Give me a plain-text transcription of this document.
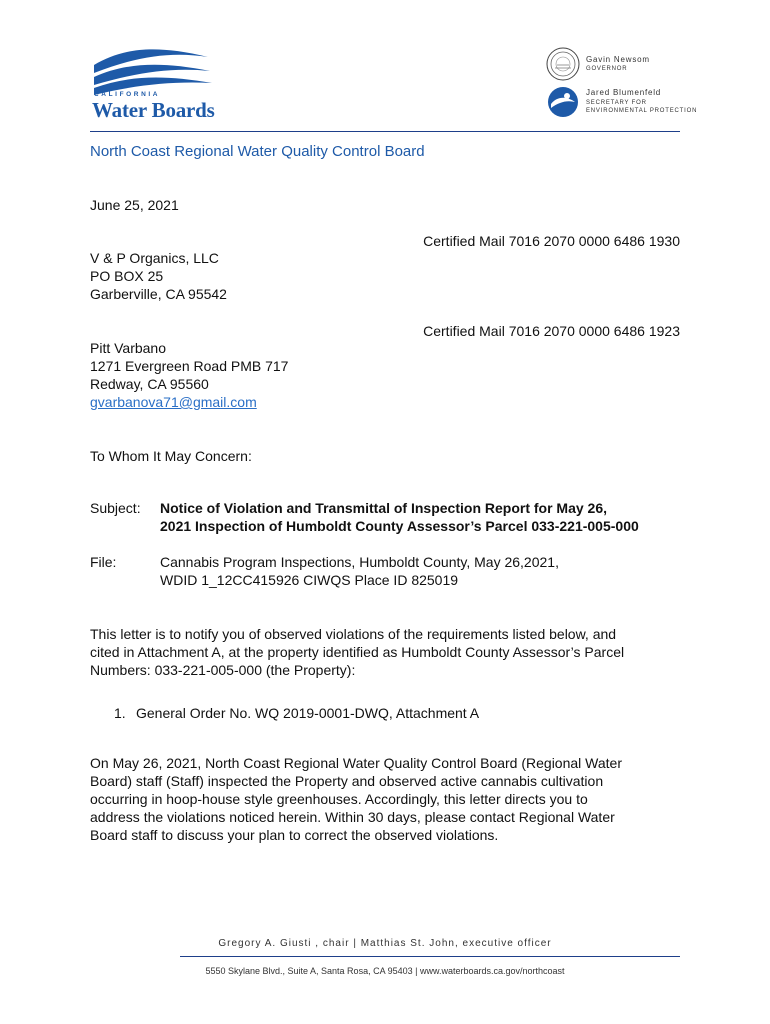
CALIFORNIA
Water Boards
Gavin Newsom
GOVERNOR
Jared Blumenfeld
SECRETARY FOR
ENVIRONMENTAL PROTECTION
North Coast Regional Water Quality Control Board
June 25, 2021
Certified Mail 7016 2070 0000 6486 1930
V & P Organics, LLC
PO BOX 25
Garberville, CA 95542
Certified Mail 7016 2070 0000 6486 1923
Pitt Varbano
1271 Evergreen Road PMB 717
Redway, CA 95560
gvarbanova71@gmail.com
To Whom It May Concern:
Subject: Notice of Violation and Transmittal of Inspection Report for May 26,
2021 Inspection of Humboldt County Assessor’s Parcel 033-221-005-000
File:	Cannabis Program Inspections, Humboldt County, May 26,2021,
WDID 1_12CC415926 CIWQS Place ID 825019
This letter is to notify you of observed violations of the requirements listed below, and
cited in Attachment A, at the property identified as Humboldt County Assessor’s Parcel
Numbers: 033-221-005-000 (the Property):
1. General Order No. WQ 2019-0001-DWQ, Attachment A
On May 26, 2021, North Coast Regional Water Quality Control Board (Regional Water
Board) staff (Staff) inspected the Property and observed active cannabis cultivation
occurring in hoop-house style greenhouses. Accordingly, this letter directs you to
address the violations noticed herein. Within 30 days, please contact Regional Water
Board staff to discuss your plan to correct the observed violations.
Gregory A. Giusti , chair | Matthias St. John, executive officer
5550 Skylane Blvd., Suite A, Santa Rosa, CA 95403 | www.waterboards.ca.gov/northcoast
